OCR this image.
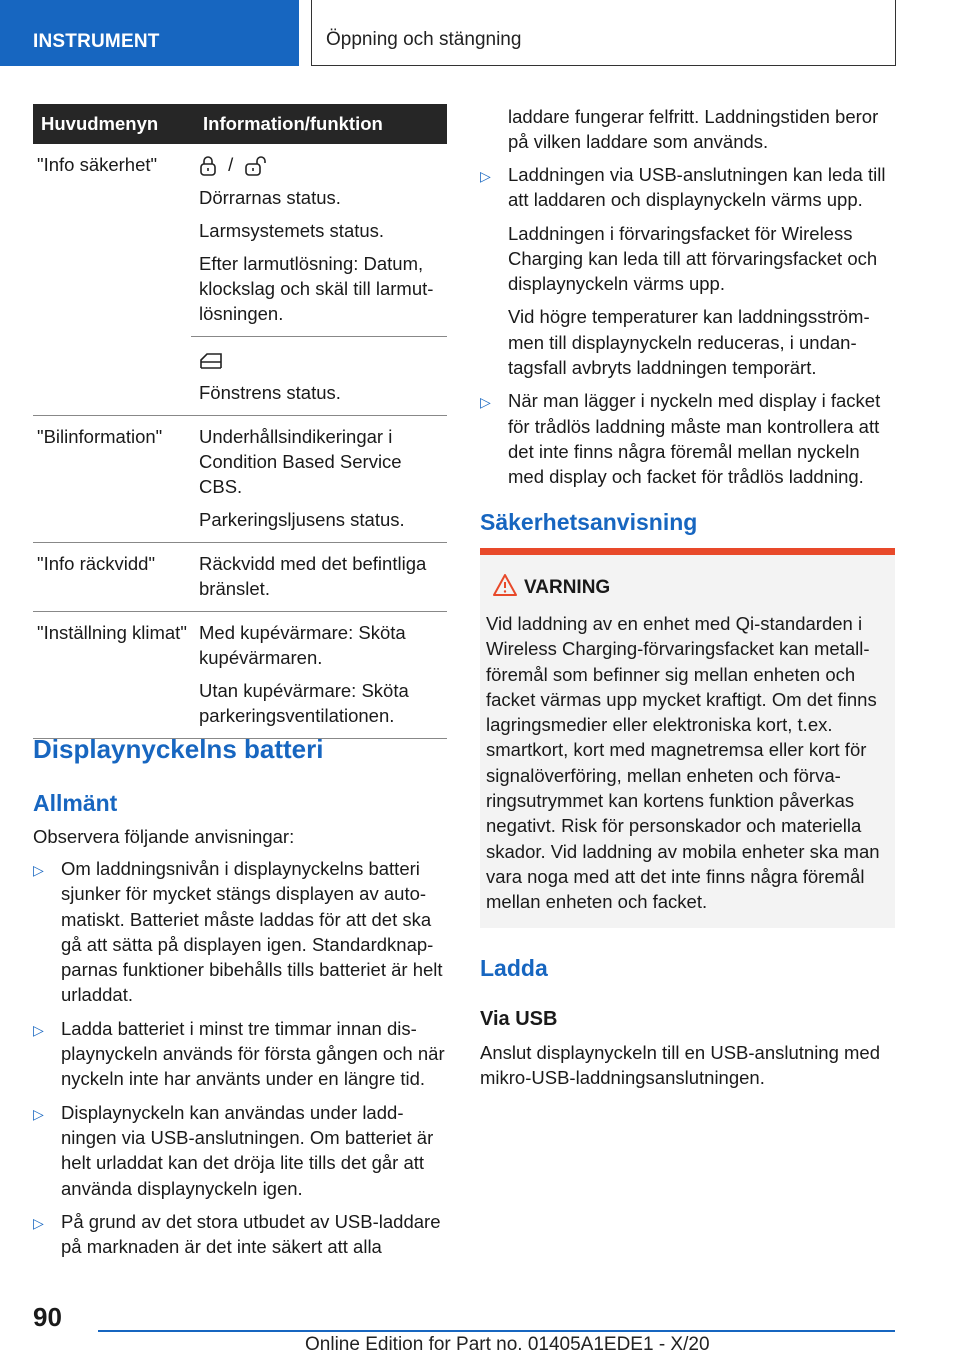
INSTRUMENT	Öppning och stängning
Huvudmenyn	Information/funktion
"Info säkerhet"	/

Dörrarnas status.

Larmsystemets status.

Efter larmutlösning: Datum, klockslag och skäl till larmutlösningen.

	Fönstrens status.

"Bilinformation"	Underhållsindikeringar i Condition Based Service CBS.

Parkeringsljusens status.

"Info räckvidd"	Räckvidd med det befintliga bränslet.

"Inställning klimat"	Med kupévärmare: Sköta kupévärmaren.

Utan kupévärmare: Sköta parkeringsventilationen.

Displaynyckelns batteri
Allmänt
Observera följande anvisningar:
▷ Om laddningsnivån i displaynyckelns batteri sjunker för mycket stängs displayen av automatiskt. Batteriet måste laddas för att det ska gå att sätta på displayen igen. Standardknapparnas funktioner bibehålls tills batteriet är helt urladdat.
▷ Ladda batteriet i minst tre timmar innan displaynyckeln används för första gången och när nyckeln inte har använts under en längre tid.
▷ Displaynyckeln kan användas under laddningen via USB-anslutningen. Om batteriet är helt urladdat kan det dröja lite tills det går att använda displaynyckeln igen.
▷ På grund av det stora utbudet av USB-laddare på marknaden är det inte säkert att alla
laddare fungerar felfritt. Laddningstiden beror på vilken laddare som används.
▷ Laddningen via USB-anslutningen kan leda till att laddaren och displaynyckeln värms upp.

Laddningen i förvaringsfacket för Wireless Charging kan leda till att förvaringsfacket och displaynyckeln värms upp.

Vid högre temperaturer kan laddningsströmmen till displaynyckeln reduceras, i undantagsfall avbryts laddningen temporärt.

▷ När man lägger i nyckeln med display i facket för trådlös laddning måste man kontrollera att det inte finns några föremål mellan nyckeln med display och facket för trådlös laddning.

Säkerhetsanvisning
VARNING
Vid laddning av en enhet med Qi-standarden i Wireless Charging-förvaringsfacket kan metallföremål som befinner sig mellan enheten och facket värmas upp mycket kraftigt. Om det finns lagringsmedier eller elektroniska kort, t.ex. smartkort, kort med magnetremsa eller kort för signalöverföring, mellan enheten och förvaringsutrymmet kan kortens funktion påverkas negativt. Risk för personskador och materiella skador. Vid laddning av mobila enheter ska man vara noga med att det inte finns några föremål mellan enheten och facket.
Ladda
Via USB
Anslut displaynyckeln till en USB-anslutning med mikro-USB-laddningsanslutningen.
90
Online Edition for Part no. 01405A1EDE1 - X/20
